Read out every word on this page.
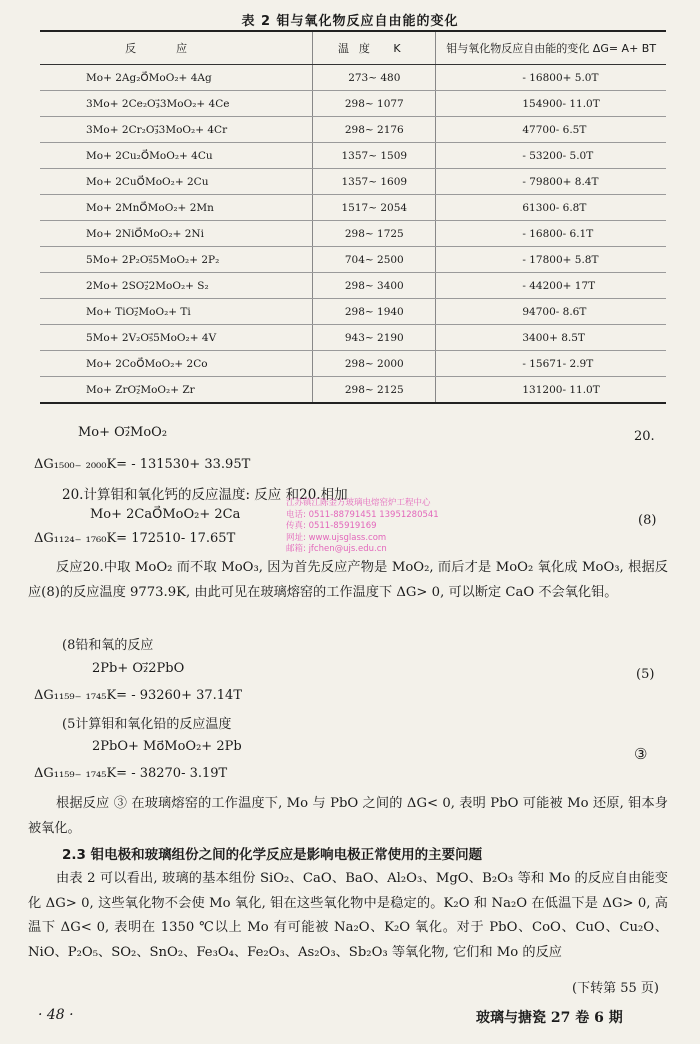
表 2 钼与氧化物反应自由能的变化
反应	温度 K	钼与氧化物反应自由能的变化 ΔG= A+ BT
Mo+ 2Ag₂O⃗MoO₂+ 4Ag	273~ 480	- 16800+ 5.0T
3Mo+ 2Ce₂O₃⃗3MoO₂+ 4Ce	298~ 1077	154900- 11.0T
3Mo+ 2Cr₂O₃⃗3MoO₂+ 4Cr	298~ 2176	47700- 6.5T
Mo+ 2Cu₂O⃗MoO₂+ 4Cu	1357~ 1509	- 53200- 5.0T
Mo+ 2CuO⃗MoO₂+ 2Cu	1357~ 1609	- 79800+ 8.4T
Mo+ 2MnO⃗MoO₂+ 2Mn	1517~ 2054	61300- 6.8T
Mo+ 2NiO⃗MoO₂+ 2Ni	298~ 1725	- 16800- 6.1T
5Mo+ 2P₂O₅⃗5MoO₂+ 2P₂	704~ 2500	- 17800+ 5.8T
2Mo+ 2SO₂⃗2MoO₂+ S₂	298~ 3400	- 44200+ 17T
Mo+ TiO₂⃗MoO₂+ Ti	298~ 1940	94700- 8.6T
5Mo+ 2V₂O₅⃗5MoO₂+ 4V	943~ 2190	3400+ 8.5T
Mo+ 2CoO⃗MoO₂+ 2Co	298~ 2000	- 15671- 2.9T
Mo+ ZrO₂⃗MoO₂+ Zr	298~ 2125	131200- 11.0T
Mo+ O₂⃗MoO₂	20.
ΔG₁₅₀₀₋ ₂₀₀₀K= - 131530+ 33.95T
20.计算钼和氧化钙的反应温度: 反应 和20.相加
Mo+ 2CaO⃗MoO₂+ 2Ca	(8)
ΔG₁₁₂₄₋ ₁₇₆₀K= 172510- 17.65T
江苏镇江陈金方玻璃电熔窑炉工程中心
电话: 0511-88791451 13951280541
传真: 0511-85919169
网址: www.ujsglass.com
邮箱: jfchen@ujs.edu.cn
反应20.中取 MoO₂ 而不取 MoO₃, 因为首先反应产物是 MoO₂, 而后才是 MoO₂ 氧化成 MoO₃, 根据反应(8)的反应温度 9773.9K, 由此可见在玻璃熔窑的工作温度下 ΔG> 0, 可以断定 CaO 不会氧化钼。
(8铅和氧的反应
2Pb+ O₂⃗2PbO	(5)
ΔG₁₁₅₉₋ ₁₇₄₅K= - 93260+ 37.14T
(5计算钼和氧化铅的反应温度
2PbO+ Mo⃗MoO₂+ 2Pb	③
ΔG₁₁₅₉₋ ₁₇₄₅K= - 38270- 3.19T
根据反应 ③ 在玻璃熔窑的工作温度下, Mo 与 PbO 之间的 ΔG< 0, 表明 PbO 可能被 Mo 还原, 钼本身被氧化。
2.3 钼电极和玻璃组份之间的化学反应是影响电极正常使用的主要问题
由表 2 可以看出, 玻璃的基本组份 SiO₂、CaO、BaO、Al₂O₃、MgO、B₂O₃ 等和 Mo 的反应自由能变化 ΔG> 0, 这些氧化物不会使 Mo 氧化, 钼在这些氧化物中是稳定的。K₂O 和 Na₂O 在低温下是 ΔG> 0, 高温下 ΔG< 0, 表明在 1350 ℃以上 Mo 有可能被 Na₂O、K₂O 氧化。对于 PbO、CoO、CuO、Cu₂O、NiO、P₂O₅、SO₂、SnO₂、Fe₃O₄、Fe₂O₃、As₂O₃、Sb₂O₃ 等氧化物, 它们和 Mo 的反应
(下转第 55 页)
· 48 ·	玻璃与搪瓷 27 卷 6 期
